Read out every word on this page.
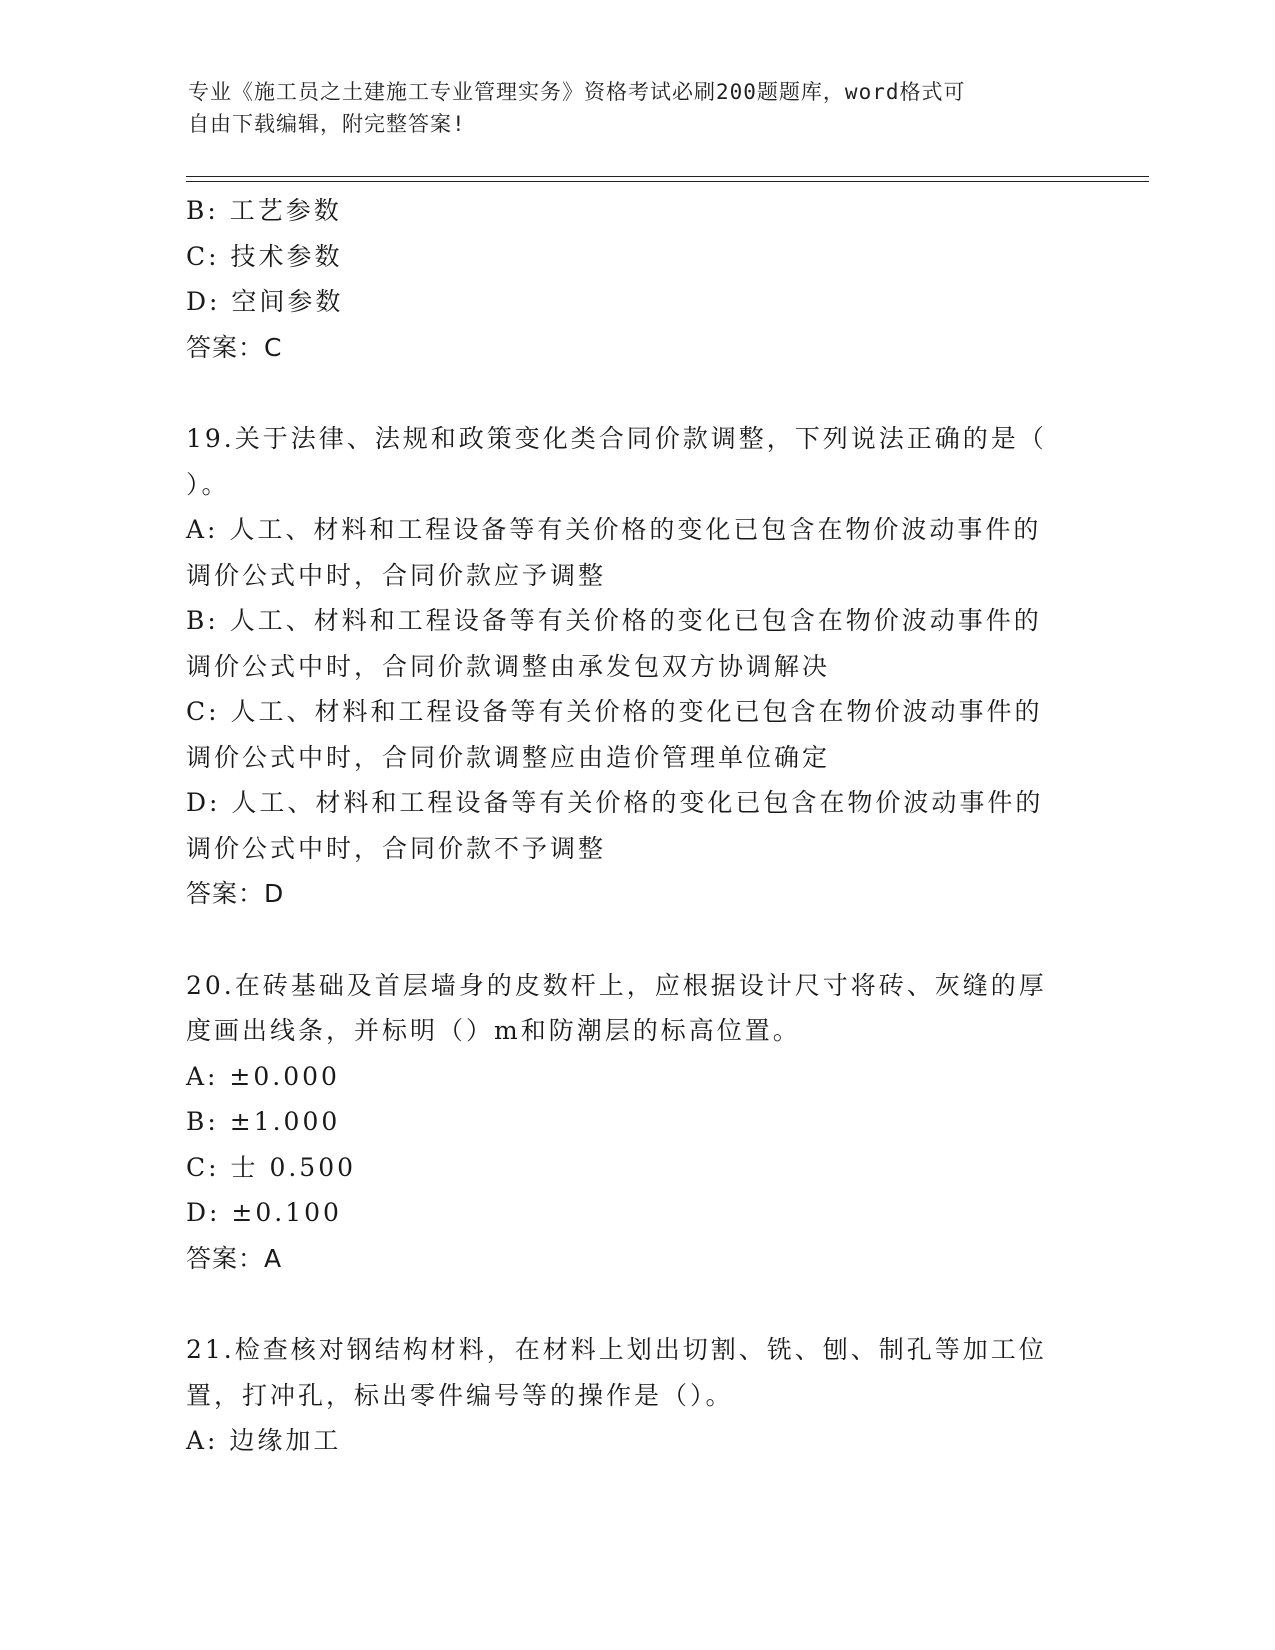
专业《施工员之土建施工专业管理实务》资格考试必刷200题题库，word格式可
自由下载编辑，附完整答案!
B: 工艺参数
C: 技术参数
D: 空间参数
答案：C
19.关于法律、法规和政策变化类合同价款调整，下列说法正确的是（
）。
A: 人工、材料和工程设备等有关价格的变化已包含在物价波动事件的
调价公式中时，合同价款应予调整
B: 人工、材料和工程设备等有关价格的变化已包含在物价波动事件的
调价公式中时，合同价款调整由承发包双方协调解决
C: 人工、材料和工程设备等有关价格的变化已包含在物价波动事件的
调价公式中时，合同价款调整应由造价管理单位确定
D: 人工、材料和工程设备等有关价格的变化已包含在物价波动事件的
调价公式中时，合同价款不予调整
答案：D
20.在砖基础及首层墙身的皮数杆上，应根据设计尺寸将砖、灰缝的厚
度画出线条，并标明（）m和防潮层的标高位置。
A: ±0.000
B: ±1.000
C: 士 0.500
D: ±0.100
答案：A
21.检查核对钢结构材料，在材料上划出切割、铣、刨、制孔等加工位
置，打冲孔，标出零件编号等的操作是（）。
A: 边缘加工
